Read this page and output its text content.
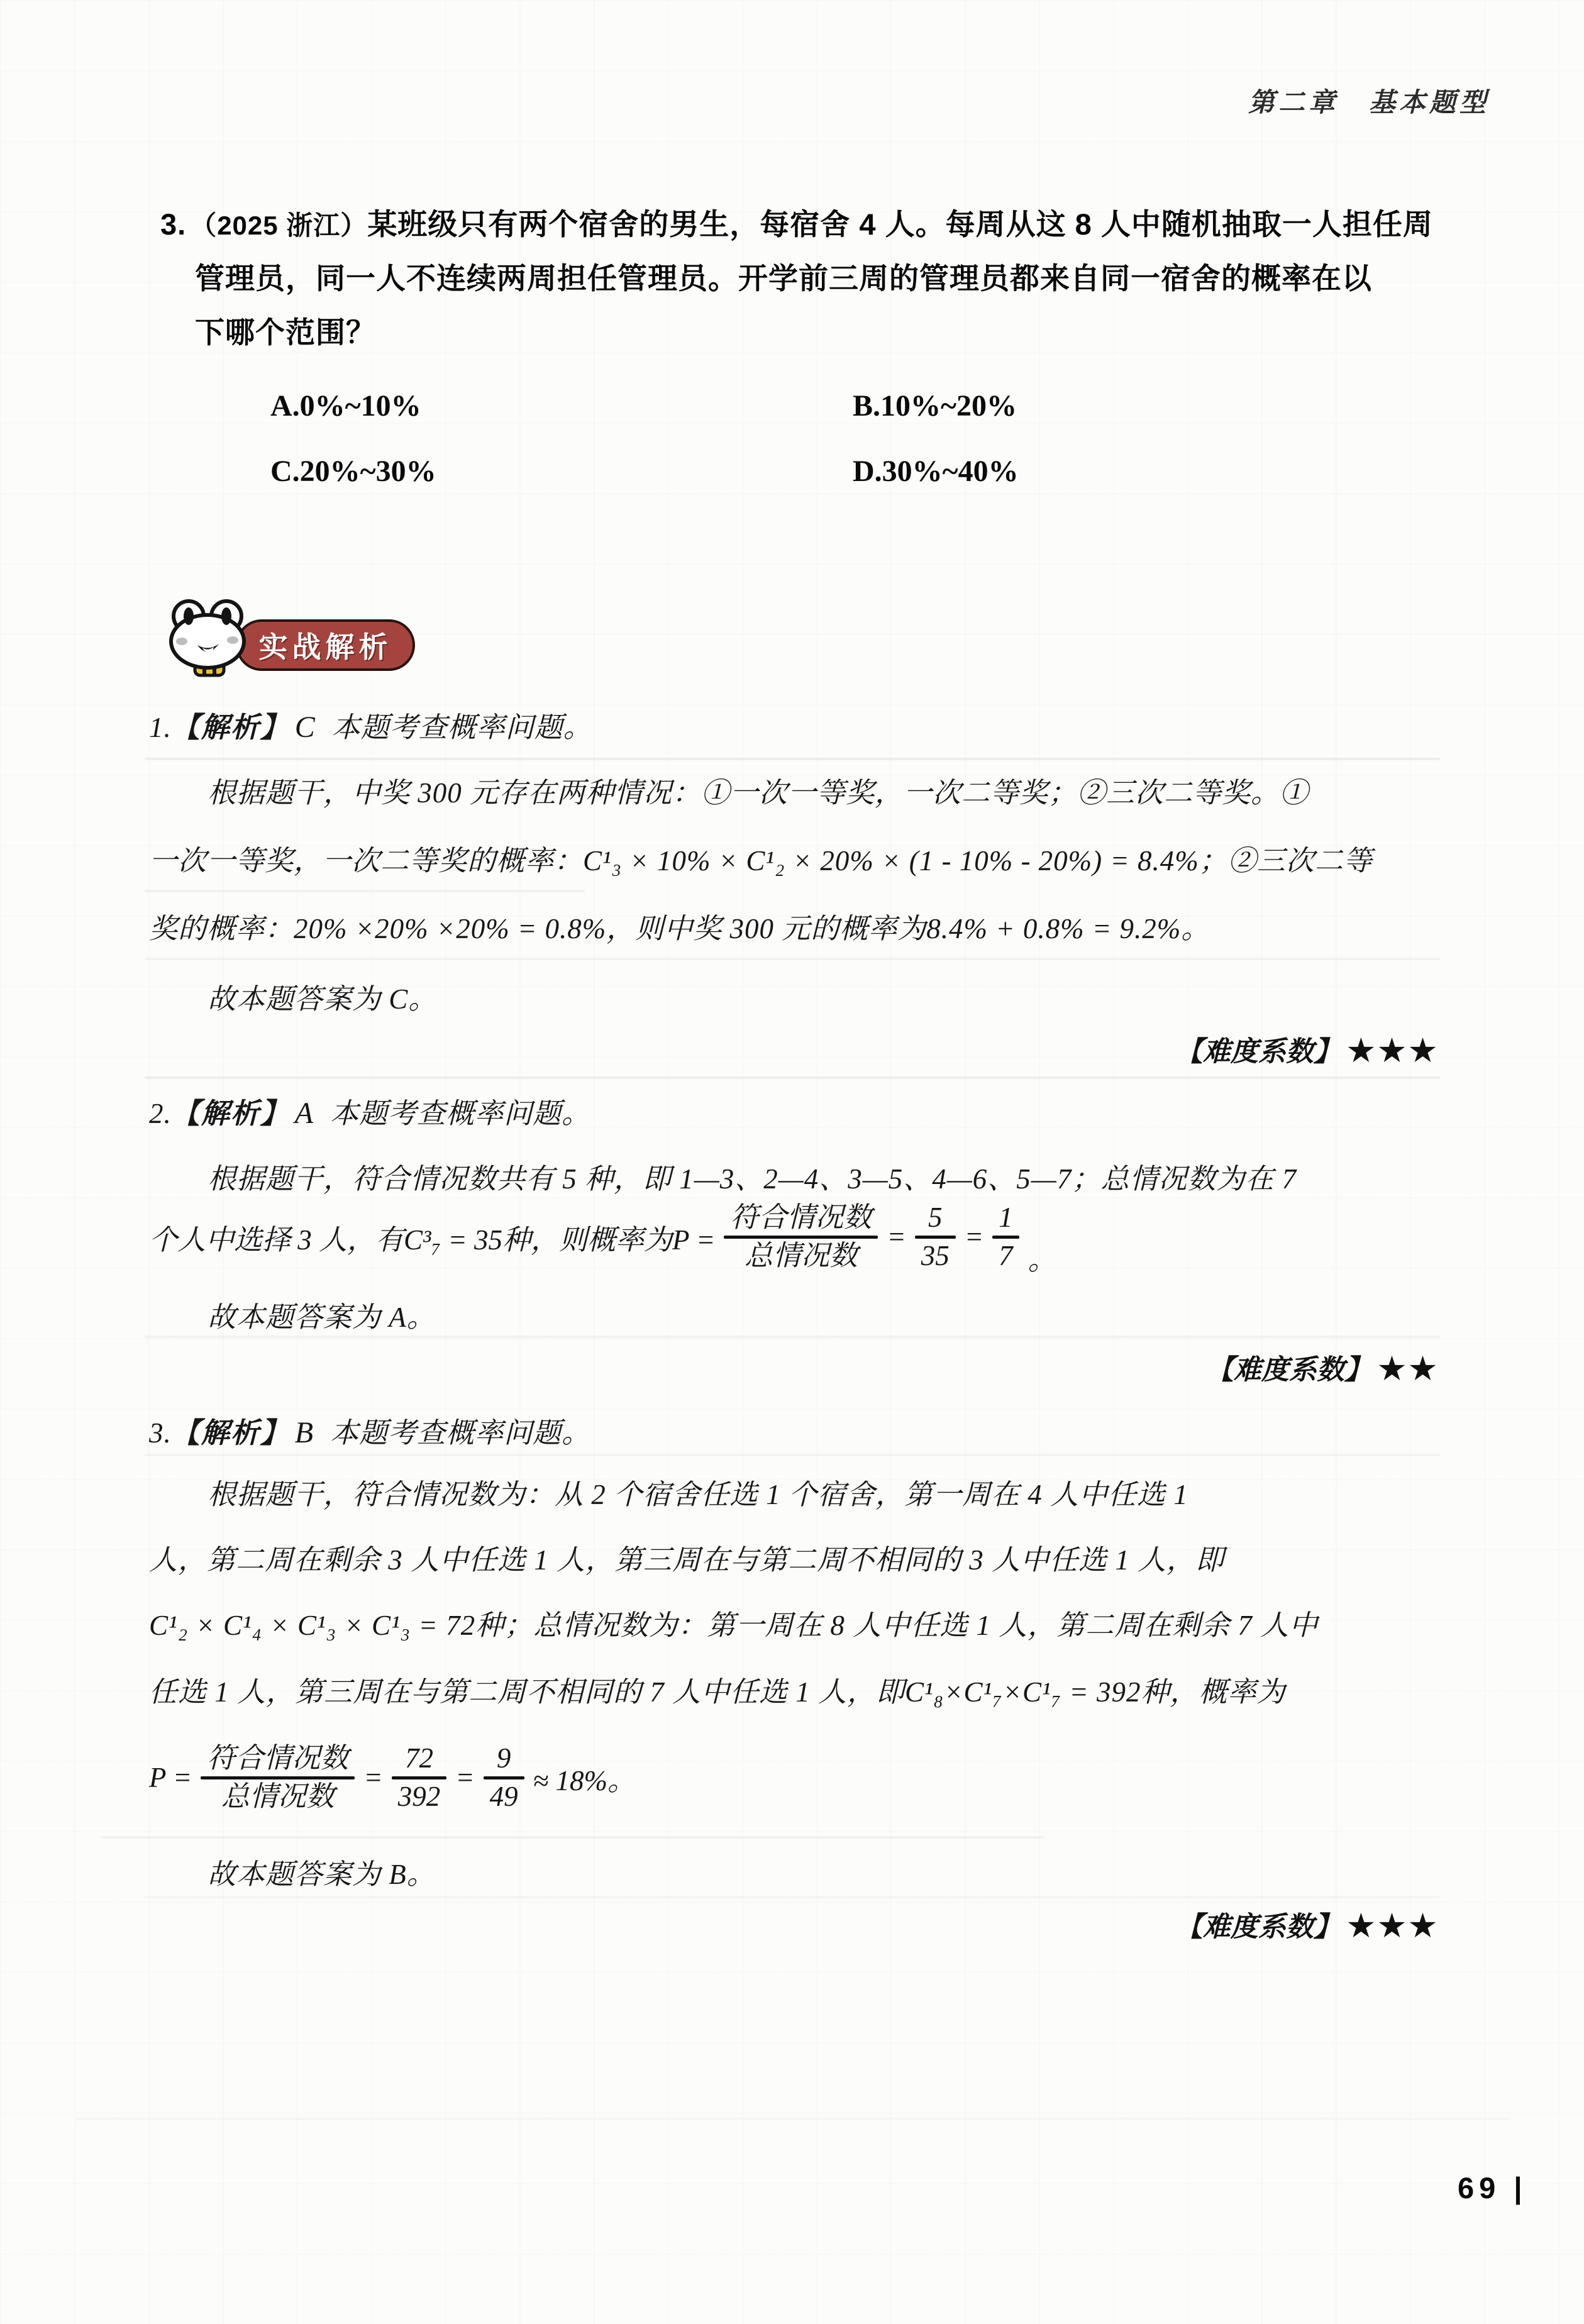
第二章　基本题型
3. （2025 浙江）某班级只有两个宿舍的男生，每宿舍 4 人。每周从这 8 人中随机抽取一人担任周
管理员，同一人不连续两周担任管理员。开学前三周的管理员都来自同一宿舍的概率在以
下哪个范围？
A.0%~10%	B.10%~20%
C.20%~30%	D.30%~40%
实战解析
1.【解析】 C 本题考查概率问题。
根据题干，中奖 300 元存在两种情况：①一次一等奖，一次二等奖；②三次二等奖。①
一次一等奖，一次二等奖的概率：C¹₃ × 10% × C¹₂ × 20% × (1 - 10% - 20%) = 8.4%；②三次二等
奖的概率：20% ×20% ×20% = 0.8%，则中奖 300 元的概率为8.4% + 0.8% = 9.2%。
故本题答案为 C。
【难度系数】 ★★★
2.【解析】 A 本题考查概率问题。
根据题干，符合情况数共有 5 种，即 1—3、2—4、3—5、4—6、5—7；总情况数为在 7
个人中选择 3 人，有C³₇ = 35种，则概率为P =
符合情况数
总情况数
=
5
35
=
1
7 。
故本题答案为 A。
【难度系数】 ★★
3.【解析】 B 本题考查概率问题。
根据题干，符合情况数为：从 2 个宿舍任选 1 个宿舍，第一周在 4 人中任选 1
人，第二周在剩余 3 人中任选 1 人，第三周在与第二周不相同的 3 人中任选 1 人，即
C¹₂ × C¹₄ × C¹₃ × C¹₃ = 72种；总情况数为：第一周在 8 人中任选 1 人，第二周在剩余 7 人中
任选 1 人，第三周在与第二周不相同的 7 人中任选 1 人，即C¹₈×C¹₇×C¹₇ = 392种，概率为
P =
符合情况数
总情况数
=
72
392
=
9
49 ≈ 18%。
故本题答案为 B。
【难度系数】 ★★★
69 |
